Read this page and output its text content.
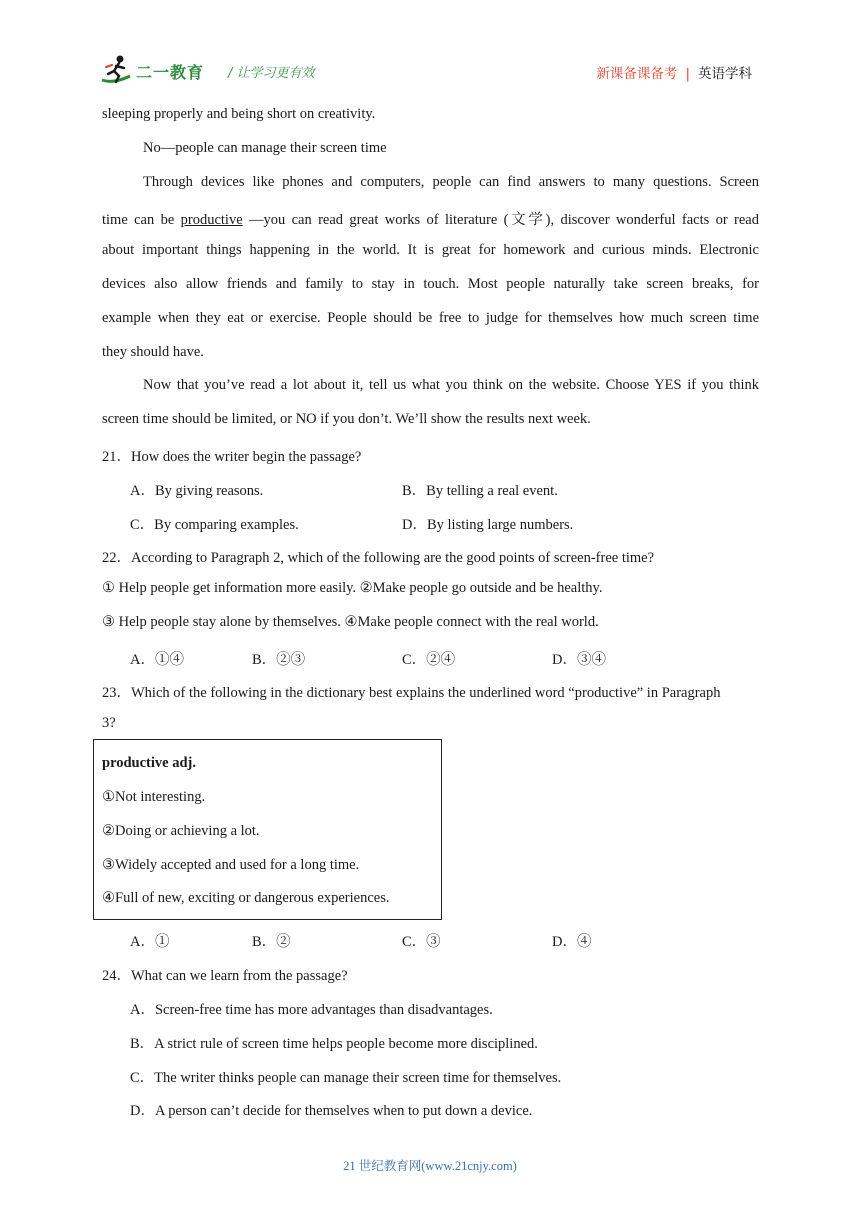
二一教育 / 让学习更有效	新课备课备考 | 英语学科
sleeping properly and being short on creativity.
No—people can manage their screen time
Through devices like phones and computers, people can find answers to many questions. Screen
time can be productive —you can read great works of literature (文学), discover wonderful facts or read
about important things happening in the world. It is great for homework and curious minds. Electronic
devices also allow friends and family to stay in touch. Most people naturally take screen breaks, for
example when they eat or exercise. People should be free to judge for themselves how much screen time
they should have.
Now that you’ve read a lot about it, tell us what you think on the website. Choose YES if you think
screen time should be limited, or NO if you don’t. We’ll show the results next week.
21．How does the writer begin the passage?
A．By giving reasons.	B．By telling a real event.
C．By comparing examples.	D．By listing large numbers.
22．According to Paragraph 2, which of the following are the good points of screen-free time?
① Help people get information more easily. ②Make people go outside and be healthy.
③ Help people stay alone by themselves. ④Make people connect with the real world.
A．①④	B．②③	C．②④	D．③④
23．Which of the following in the dictionary best explains the underlined word “productive” in Paragraph
3?
productive adj.
①Not interesting.
②Doing or achieving a lot.
③Widely accepted and used for a long time.
④Full of new, exciting or dangerous experiences.
A．①	B．②	C．③	D．④
24．What can we learn from the passage?
A．Screen-free time has more advantages than disadvantages.
B．A strict rule of screen time helps people become more disciplined.
C．The writer thinks people can manage their screen time for themselves.
D．A person can’t decide for themselves when to put down a device.
21 世纪教育网(www.21cnjy.com)
